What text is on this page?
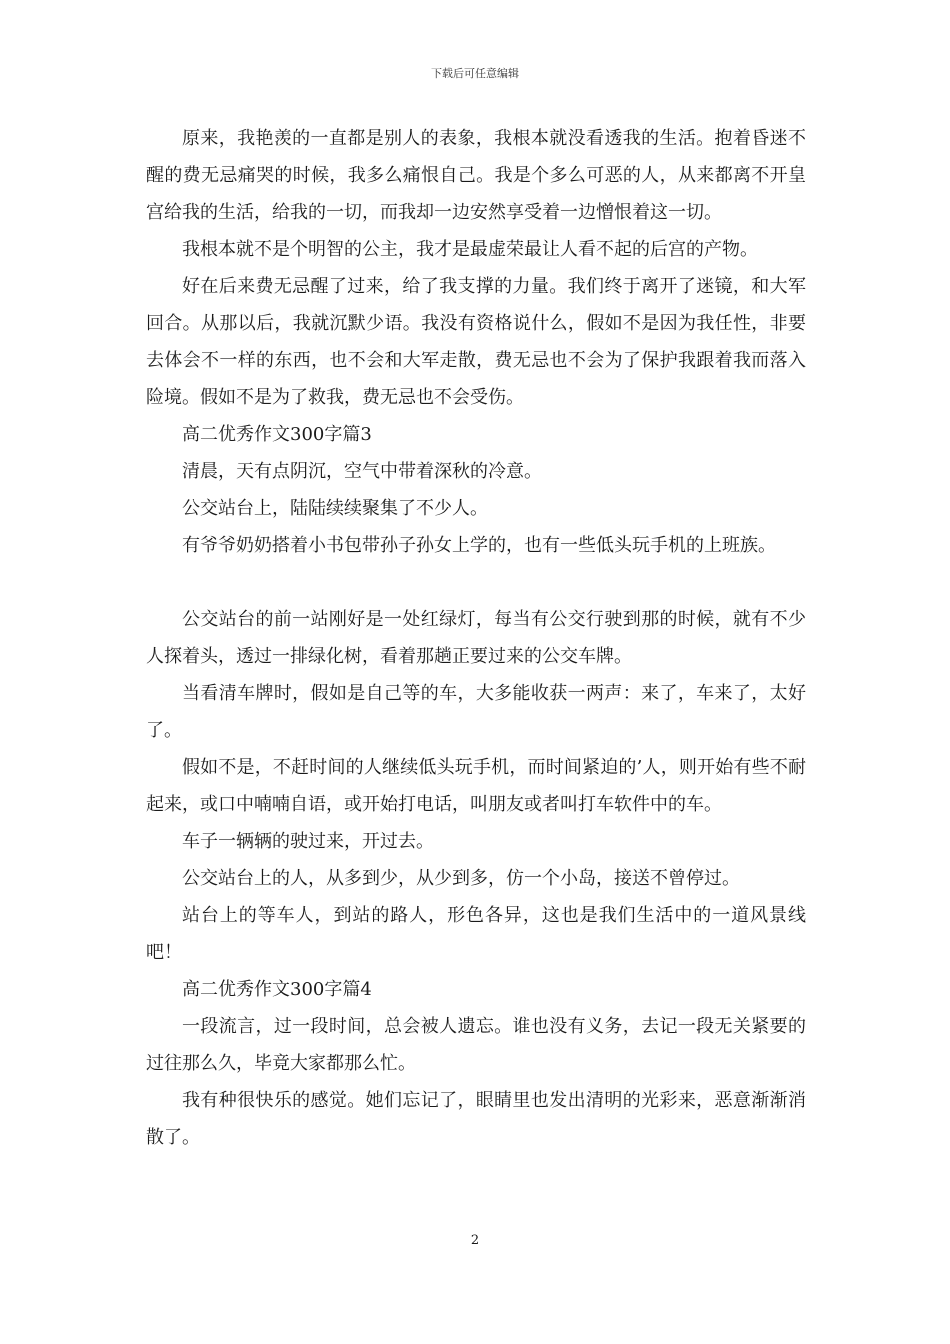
下载后可任意编辑

原来，我艳羡的一直都是别人的表象，我根本就没看透我的生活。抱着昏迷不醒的费无忌痛哭的时候，我多么痛恨自己。我是个多么可恶的人，从来都离不开皇宫给我的生活，给我的一切，而我却一边安然享受着一边憎恨着这一切。

我根本就不是个明智的公主，我才是最虚荣最让人看不起的后宫的产物。

好在后来费无忌醒了过来，给了我支撑的力量。我们终于离开了迷镜，和大军回合。从那以后，我就沉默少语。我没有资格说什么，假如不是因为我任性，非要去体会不一样的东西，也不会和大军走散，费无忌也不会为了保护我跟着我而落入险境。假如不是为了救我，费无忌也不会受伤。

高二优秀作文300字篇3

清晨，天有点阴沉，空气中带着深秋的冷意。

公交站台上，陆陆续续聚集了不少人。

有爷爷奶奶搭着小书包带孙子孙女上学的，也有一些低头玩手机的上班族。

公交站台的前一站刚好是一处红绿灯，每当有公交行驶到那的时候，就有不少人探着头，透过一排绿化树，看着那趟正要过来的公交车牌。

当看清车牌时，假如是自己等的车，大多能收获一两声：来了，车来了，太好了。

假如不是，不赶时间的人继续低头玩手机，而时间紧迫的’人，则开始有些不耐起来，或口中喃喃自语，或开始打电话，叫朋友或者叫打车软件中的车。

车子一辆辆的驶过来，开过去。

公交站台上的人，从多到少，从少到多，仿一个小岛，接送不曾停过。

站台上的等车人，到站的路人，形色各异，这也是我们生活中的一道风景线吧！

高二优秀作文300字篇4

一段流言，过一段时间，总会被人遗忘。谁也没有义务，去记一段无关紧要的过往那么久，毕竟大家都那么忙。

我有种很快乐的感觉。她们忘记了，眼睛里也发出清明的光彩来，恶意渐渐消散了。

2
